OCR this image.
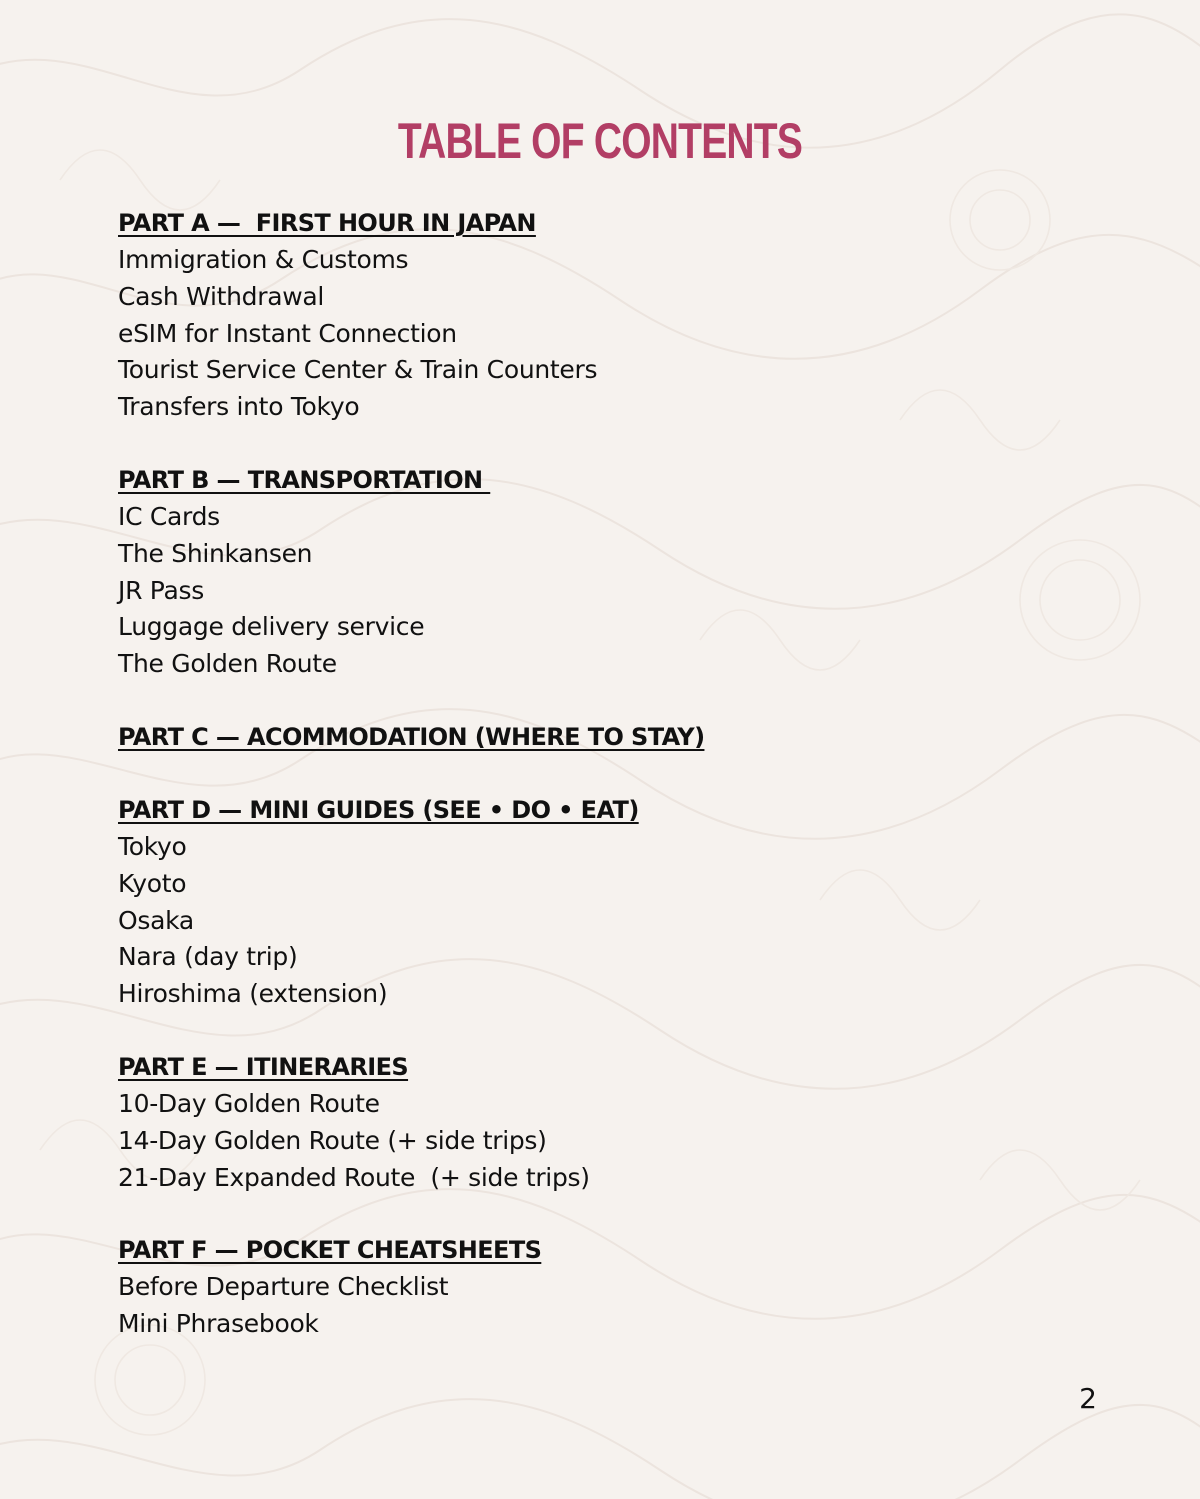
TABLE OF CONTENTS
PART A —  FIRST HOUR IN JAPAN
Immigration & Customs
Cash Withdrawal
eSIM for Instant Connection
Tourist Service Center & Train Counters
Transfers into Tokyo
PART B — TRANSPORTATION
IC Cards
The Shinkansen
JR Pass
Luggage delivery service
The Golden Route
PART C — ACOMMODATION (WHERE TO STAY)
PART D — MINI GUIDES (SEE • DO • EAT)
Tokyo
Kyoto
Osaka
Nara (day trip)
Hiroshima (extension)
PART E — ITINERARIES
10-Day Golden Route
14-Day Golden Route (+ side trips)
21-Day Expanded Route  (+ side trips)
PART F — POCKET CHEATSHEETS
Before Departure Checklist
Mini Phrasebook
2
